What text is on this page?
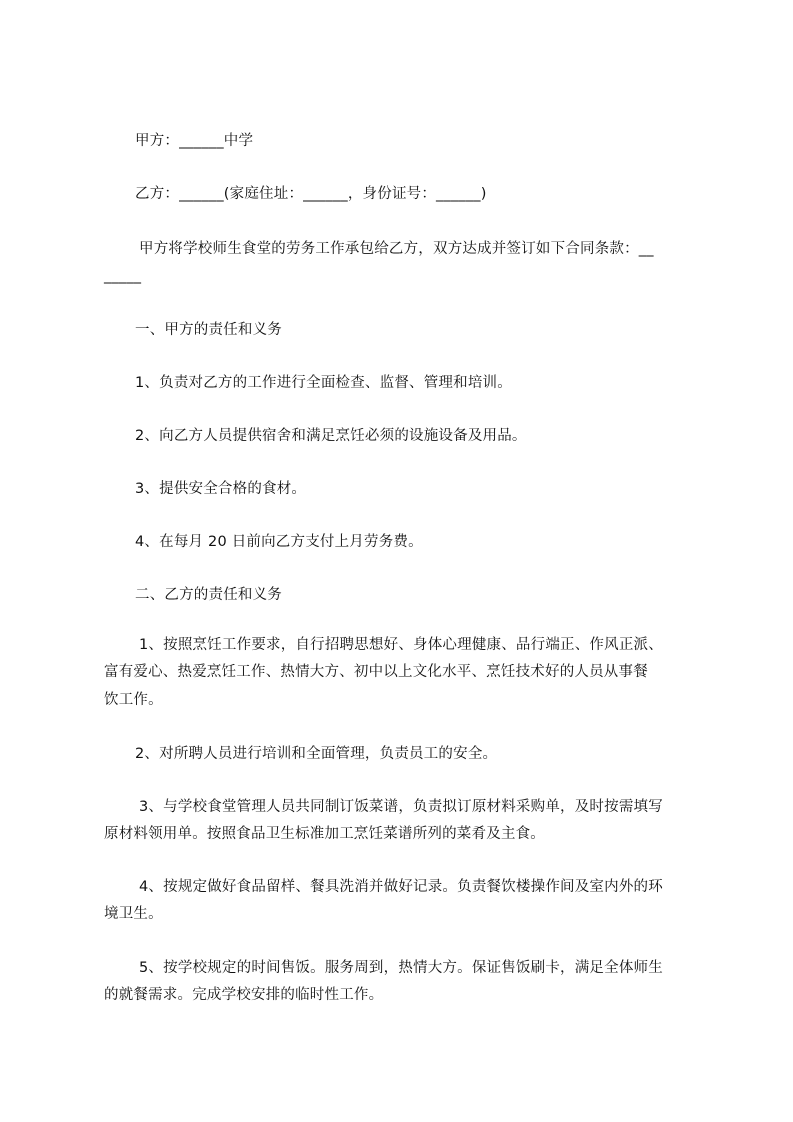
甲方：______中学
乙方：______(家庭住址：______，身份证号：______)
甲方将学校师生食堂的劳务工作承包给乙方，双方达成并签订如下合同条款：__
_____
一、甲方的责任和义务
1、负责对乙方的工作进行全面检查、监督、管理和培训。
2、向乙方人员提供宿舍和满足烹饪必须的设施设备及用品。
3、提供安全合格的食材。
4、在每月 20 日前向乙方支付上月劳务费。
二、乙方的责任和义务
1、按照烹饪工作要求，自行招聘思想好、身体心理健康、品行端正、作风正派、
富有爱心、热爱烹饪工作、热情大方、初中以上文化水平、烹饪技术好的人员从事餐
饮工作。
2、对所聘人员进行培训和全面管理，负责员工的安全。
3、与学校食堂管理人员共同制订饭菜谱，负责拟订原材料采购单，及时按需填写
原材料领用单。按照食品卫生标准加工烹饪菜谱所列的菜肴及主食。
4、按规定做好食品留样、餐具洗消并做好记录。负责餐饮楼操作间及室内外的环
境卫生。
5、按学校规定的时间售饭。服务周到，热情大方。保证售饭刷卡，满足全体师生
的就餐需求。完成学校安排的临时性工作。
